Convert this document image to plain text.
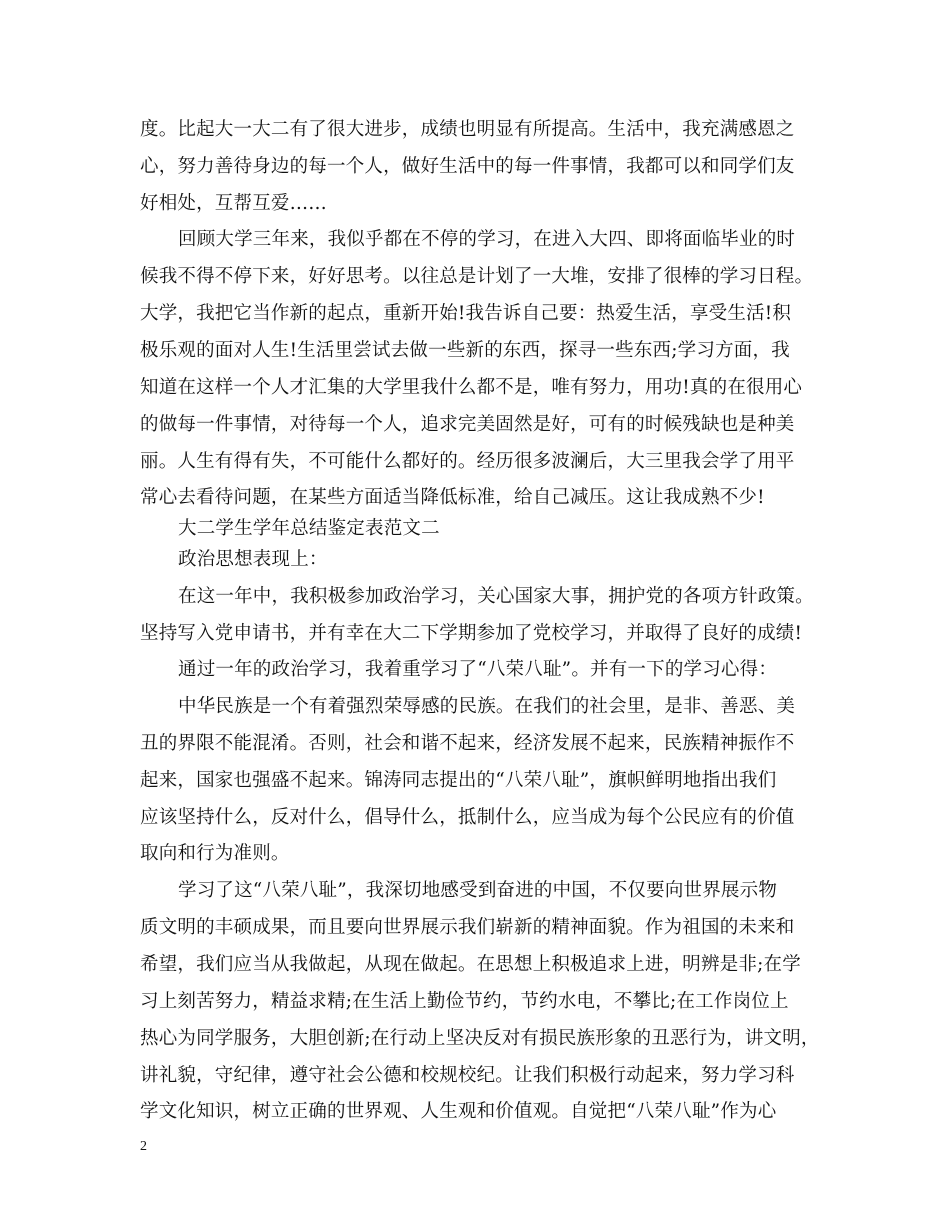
度。比起大一大二有了很大进步，成绩也明显有所提高。生活中，我充满感恩之
心，努力善待身边的每一个人，做好生活中的每一件事情，我都可以和同学们友
好相处，互帮互爱……
回顾大学三年来，我似乎都在不停的学习，在进入大四、即将面临毕业的时
候我不得不停下来，好好思考。以往总是计划了一大堆，安排了很棒的学习日程。
大学，我把它当作新的起点，重新开始!我告诉自己要：热爱生活，享受生活!积
极乐观的面对人生!生活里尝试去做一些新的东西，探寻一些东西;学习方面，我
知道在这样一个人才汇集的大学里我什么都不是，唯有努力，用功!真的在很用心
的做每一件事情，对待每一个人，追求完美固然是好，可有的时候残缺也是种美
丽。人生有得有失，不可能什么都好的。经历很多波澜后，大三里我会学了用平
常心去看待问题，在某些方面适当降低标准，给自己减压。这让我成熟不少!
大二学生学年总结鉴定表范文二
政治思想表现上：
在这一年中，我积极参加政治学习，关心国家大事，拥护党的各项方针政策。
坚持写入党申请书，并有幸在大二下学期参加了党校学习，并取得了良好的成绩!
通过一年的政治学习，我着重学习了“八荣八耻”。并有一下的学习心得：
中华民族是一个有着强烈荣辱感的民族。在我们的社会里，是非、善恶、美
丑的界限不能混淆。否则，社会和谐不起来，经济发展不起来，民族精神振作不
起来，国家也强盛不起来。锦涛同志提出的“八荣八耻”，旗帜鲜明地指出我们
应该坚持什么，反对什么，倡导什么，抵制什么，应当成为每个公民应有的价值
取向和行为准则。
学习了这“八荣八耻”，我深切地感受到奋进的中国，不仅要向世界展示物
质文明的丰硕成果，而且要向世界展示我们崭新的精神面貌。作为祖国的未来和
希望，我们应当从我做起，从现在做起。在思想上积极追求上进，明辨是非;在学
习上刻苦努力，精益求精;在生活上勤俭节约，节约水电，不攀比;在工作岗位上
热心为同学服务，大胆创新;在行动上坚决反对有损民族形象的丑恶行为，讲文明，
讲礼貌，守纪律，遵守社会公德和校规校纪。让我们积极行动起来，努力学习科
学文化知识，树立正确的世界观、人生观和价值观。自觉把“八荣八耻”作为心
2
